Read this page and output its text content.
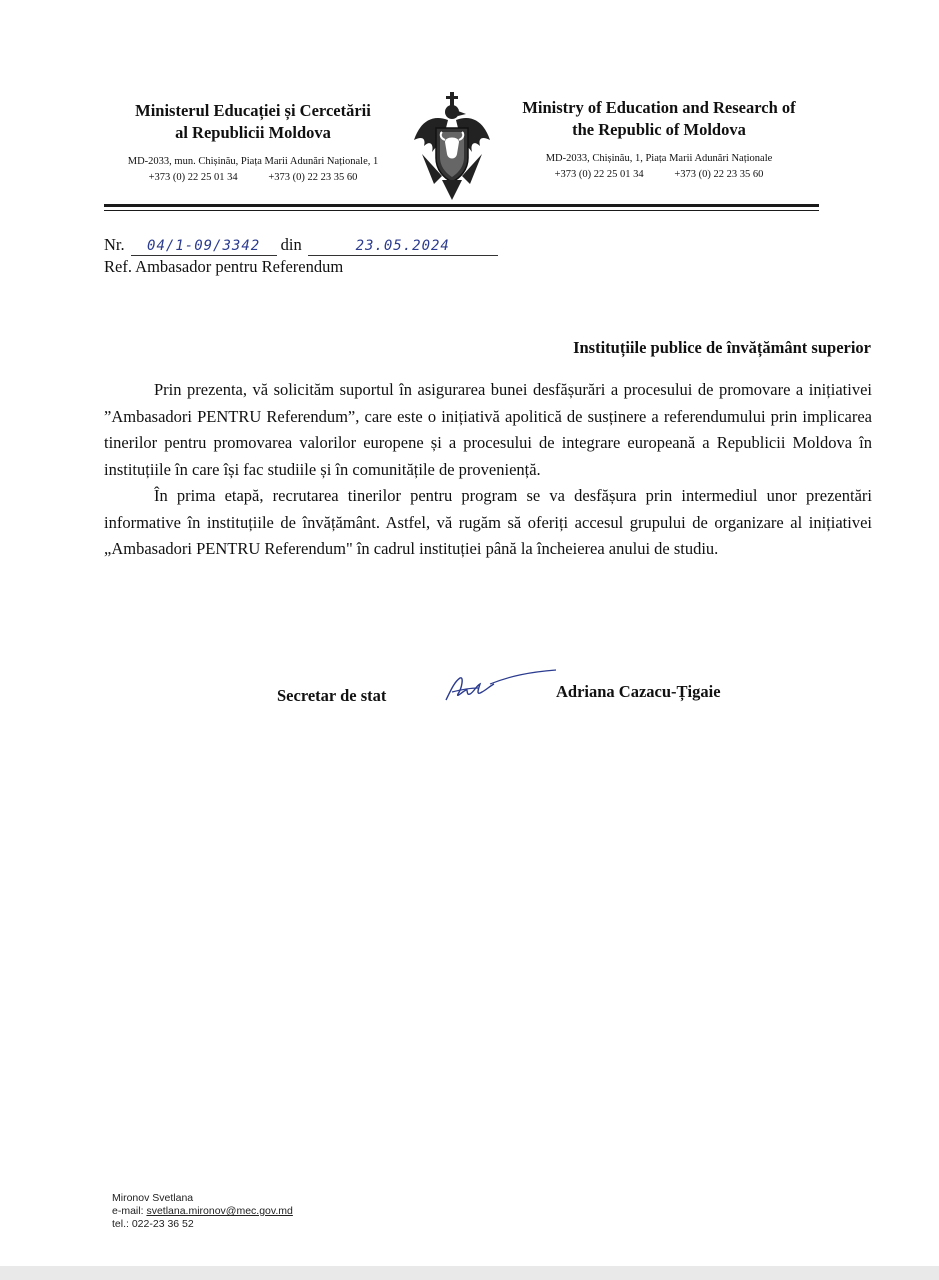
Ministerul Educației și Cercetării
al Republicii Moldova
MD-2033, mun. Chișinău, Piața Marii Adunări Naționale, 1
+373 (0) 22 25 01 34	+373 (0) 22 23 35 60
Ministry of Education and Research of
the Republic of Moldova
MD-2033, Chișinău, 1, Piața Marii Adunări Naționale
+373 (0) 22 25 01 34	+373 (0) 22 23 35 60
Nr. 04/1-09/3342 din	23.05.2024
Ref. Ambasador pentru Referendum
Instituțiile publice de învățământ superior

Prin prezenta, vă solicităm suportul în asigurarea bunei desfășurări a procesului de promovare a inițiativei ”Ambasadori PENTRU Referendum”, care este o inițiativă apolitică de susținere a referendumului prin implicarea tinerilor pentru promovarea valorilor europene și a procesului de integrare europeană a Republicii Moldova în instituțiile în care își fac studiile și în comunitățile de proveniență.

În prima etapă, recrutarea tinerilor pentru program se va desfășura prin intermediul unor prezentări informative în instituțiile de învățământ. Astfel, vă rugăm să oferiți accesul grupului de organizare al inițiativei „Ambasadori PENTRU Referendum" în cadrul instituției până la încheierea anului de studiu.

Secretar de stat	Adriana Cazacu-Țigaie
Mironov Svetlana
e-mail: svetlana.mironov@mec.gov.md
tel.: 022-23 36 52
